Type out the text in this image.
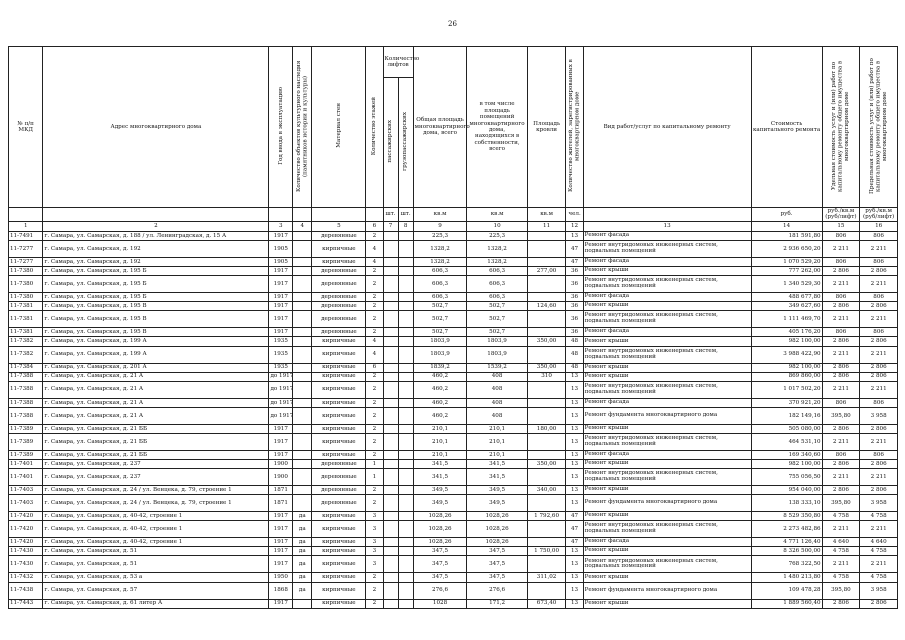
26
№ п/п МКД	Адрес многоквартирного дома	Год ввода в эксплуатацию	Количество объектов культурного наследия (памятников истории и культуры)	Материал стен	Количество этажей	Количество лифтов		Общая площадь многоквартирного дома, всего	в том числе площадь помещений многоквартирного дома, находящихся в собственности, всего	Площадь кровли	Количество жителей, зарегистрированных в многоквартирном доме	Вид работ/услуг по капитальному ремонту	Стоимость капитального ремонта	Удельная стоимость услуг и (или) работ по капитальному ремонту общего имущества в многоквартирном доме	Предельная стоимость услуг и (или) работ по капитальному ремонту общего имущества в многоквартирном доме
						пассажирских	грузопассажирских								
						шт.	шт.	кв.м	кв.м	кв.м	чел.		руб.	руб./кв.м (руб/лифт)	руб./кв.м (руб/лифт)
1	2	3	4	5	6	7	8	9	10	11	12	13	14	15	16
11-7491	г. Самара, ул. Самарская, д. 188 / ул. Ленинградская, д. 15 А	1917		деревянные	2			225,3	225,3		13	Ремонт фасада	181 591,80	806	806
11-7277	г. Самара, ул. Самарская, д. 192	1905		кирпичные	4			1328,2	1328,2		47	Ремонт внутридомовых инженерных систем, подвальных помещений	2 936 650,20	2 211	2 211
11-7277	г. Самара, ул. Самарская, д. 192	1905		кирпичные	4			1328,2	1328,2		47	Ремонт фасада	1 070 529,20	806	806
11-7380	г. Самара, ул. Самарская, д. 195 Б	1917		деревянные	2			606,3	606,3	277,00	36	Ремонт крыши	777 262,00	2 806	2 806
11-7380	г. Самара, ул. Самарская, д. 195 Б	1917		деревянные	2			606,3	606,3		36	Ремонт внутридомовых инженерных систем, подвальных помещений	1 340 529,30	2 211	2 211
11-7380	г. Самара, ул. Самарская, д. 195 Б	1917		деревянные	2			606,3	606,3		36	Ремонт фасада	488 677,80	806	806
11-7381	г. Самара, ул. Самарская, д. 195 В	1917		деревянные	2			502,7	502,7	124,60	36	Ремонт крыши	349 627,60	2 806	2 806
11-7381	г. Самара, ул. Самарская, д. 195 В	1917		деревянные	2			502,7	502,7		36	Ремонт внутридомовых инженерных систем, подвальных помещений	1 111 469,70	2 211	2 211
11-7381	г. Самара, ул. Самарская, д. 195 В	1917		деревянные	2			502,7	502,7		36	Ремонт фасада	405 176,20	806	806
11-7382	г. Самара, ул. Самарская, д. 199 А	1935		кирпичные	4			1803,9	1803,9	350,00	48	Ремонт крыши	982 100,00	2 806	2 806
11-7382	г. Самара, ул. Самарская, д. 199 А	1935		кирпичные	4			1803,9	1803,9		48	Ремонт внутридомовых инженерных систем, подвальных помещений	3 988 422,90	2 211	2 211
11-7384	г. Самара, ул. Самарская, д. 201 А	1935		кирпичные	6			1839,2	1539,2	350,00	48	Ремонт крыши	982 100,00	2 806	2 806
11-7388	г. Самара, ул. Самарская, д. 21 А	до 1917		кирпичные	2			460,2	408	310	13	Ремонт крыши	869 860,00	2 806	2 806
11-7388	г. Самара, ул. Самарская, д. 21 А	до 1917		кирпичные	2			460,2	408		13	Ремонт внутридомовых инженерных систем, подвальных помещений	1 017 502,20	2 211	2 211
11-7388	г. Самара, ул. Самарская, д. 21 А	до 1917		кирпичные	2			460,2	408		13	Ремонт фасада	370 921,20	806	806
11-7388	г. Самара, ул. Самарская, д. 21 А	до 1917		кирпичные	2			460,2	408		13	Ремонт фундамента многоквартирного дома	182 149,16	395,80	3 958
11-7389	г. Самара, ул. Самарская, д. 21 ББ	1917		кирпичные	2			210,1	210,1	180,00	13	Ремонт крыши	505 080,00	2 806	2 806
11-7389	г. Самара, ул. Самарская, д. 21 ББ	1917		кирпичные	2			210,1	210,1		13	Ремонт внутридомовых инженерных систем, подвальных помещений	464 531,10	2 211	2 211
11-7389	г. Самара, ул. Самарская, д. 21 ББ	1917		кирпичные	2			210,1	210,1		13	Ремонт фасада	169 340,60	806	806
11-7401	г. Самара, ул. Самарская, д. 237	1900		деревянные	1			341,5	341,5	350,00	13	Ремонт крыши	982 100,00	2 806	2 806
11-7401	г. Самара, ул. Самарская, д. 237	1900		деревянные	1			341,5	341,5		13	Ремонт внутридомовых инженерных систем, подвальных помещений	755 056,50	2 211	2 211
11-7403	г. Самара, ул. Самарская, д. 24 / ул. Венцека, д. 79, строение 1	1871		деревянные	2			349,5	349,5	340,00	13	Ремонт крыши	954 040,00	2 806	2 806
11-7403	г. Самара, ул. Самарская, д. 24 / ул. Венцека, д. 79, строение 1	1871		деревянные	2			349,5	349,5		13	Ремонт фундамента многоквартирного дома	138 333,10	395,80	3 958
11-7420	г. Самара, ул. Самарская, д. 40-42, строение 1	1917	да	кирпичные	3			1028,26	1028,26	1 792,60	47	Ремонт крыши	8 529 350,80	4 758	4 758
11-7420	г. Самара, ул. Самарская, д. 40-42, строение 1	1917	да	кирпичные	3			1028,26	1028,26		47	Ремонт внутридомовых инженерных систем, подвальных помещений	2 273 482,86	2 211	2 211
11-7420	г. Самара, ул. Самарская, д. 40-42, строение 1	1917	да	кирпичные	3			1028,26	1028,26		47	Ремонт фасада	4 771 126,40	4 640	4 640
11-7430	г. Самара, ул. Самарская, д. 51	1917	да	кирпичные	3			347,5	347,5	1 750,00	13	Ремонт крыши	8 326 500,00	4 758	4 758
11-7430	г. Самара, ул. Самарская, д. 51	1917	да	кирпичные	3			347,5	347,5		13	Ремонт внутридомовых инженерных систем, подвальных помещений	768 322,50	2 211	2 211
11-7432	г. Самара, ул. Самарская, д. 53 а	1950	да	кирпичные	2			347,5	347,5	311,02	13	Ремонт крыши	1 480 213,80	4 758	4 758
11-7438	г. Самара, ул. Самарская, д. 57	1868	да	кирпичные	2			276,6	276,6		13	Ремонт фундамента многоквартирного дома	109 478,28	395,80	3 958
11-7443	г. Самара, ул. Самарская, д. 61 литер А	1917		кирпичные	2			1028	171,2	673,40	13	Ремонт крыши	1 889 560,40	2 806	2 806
